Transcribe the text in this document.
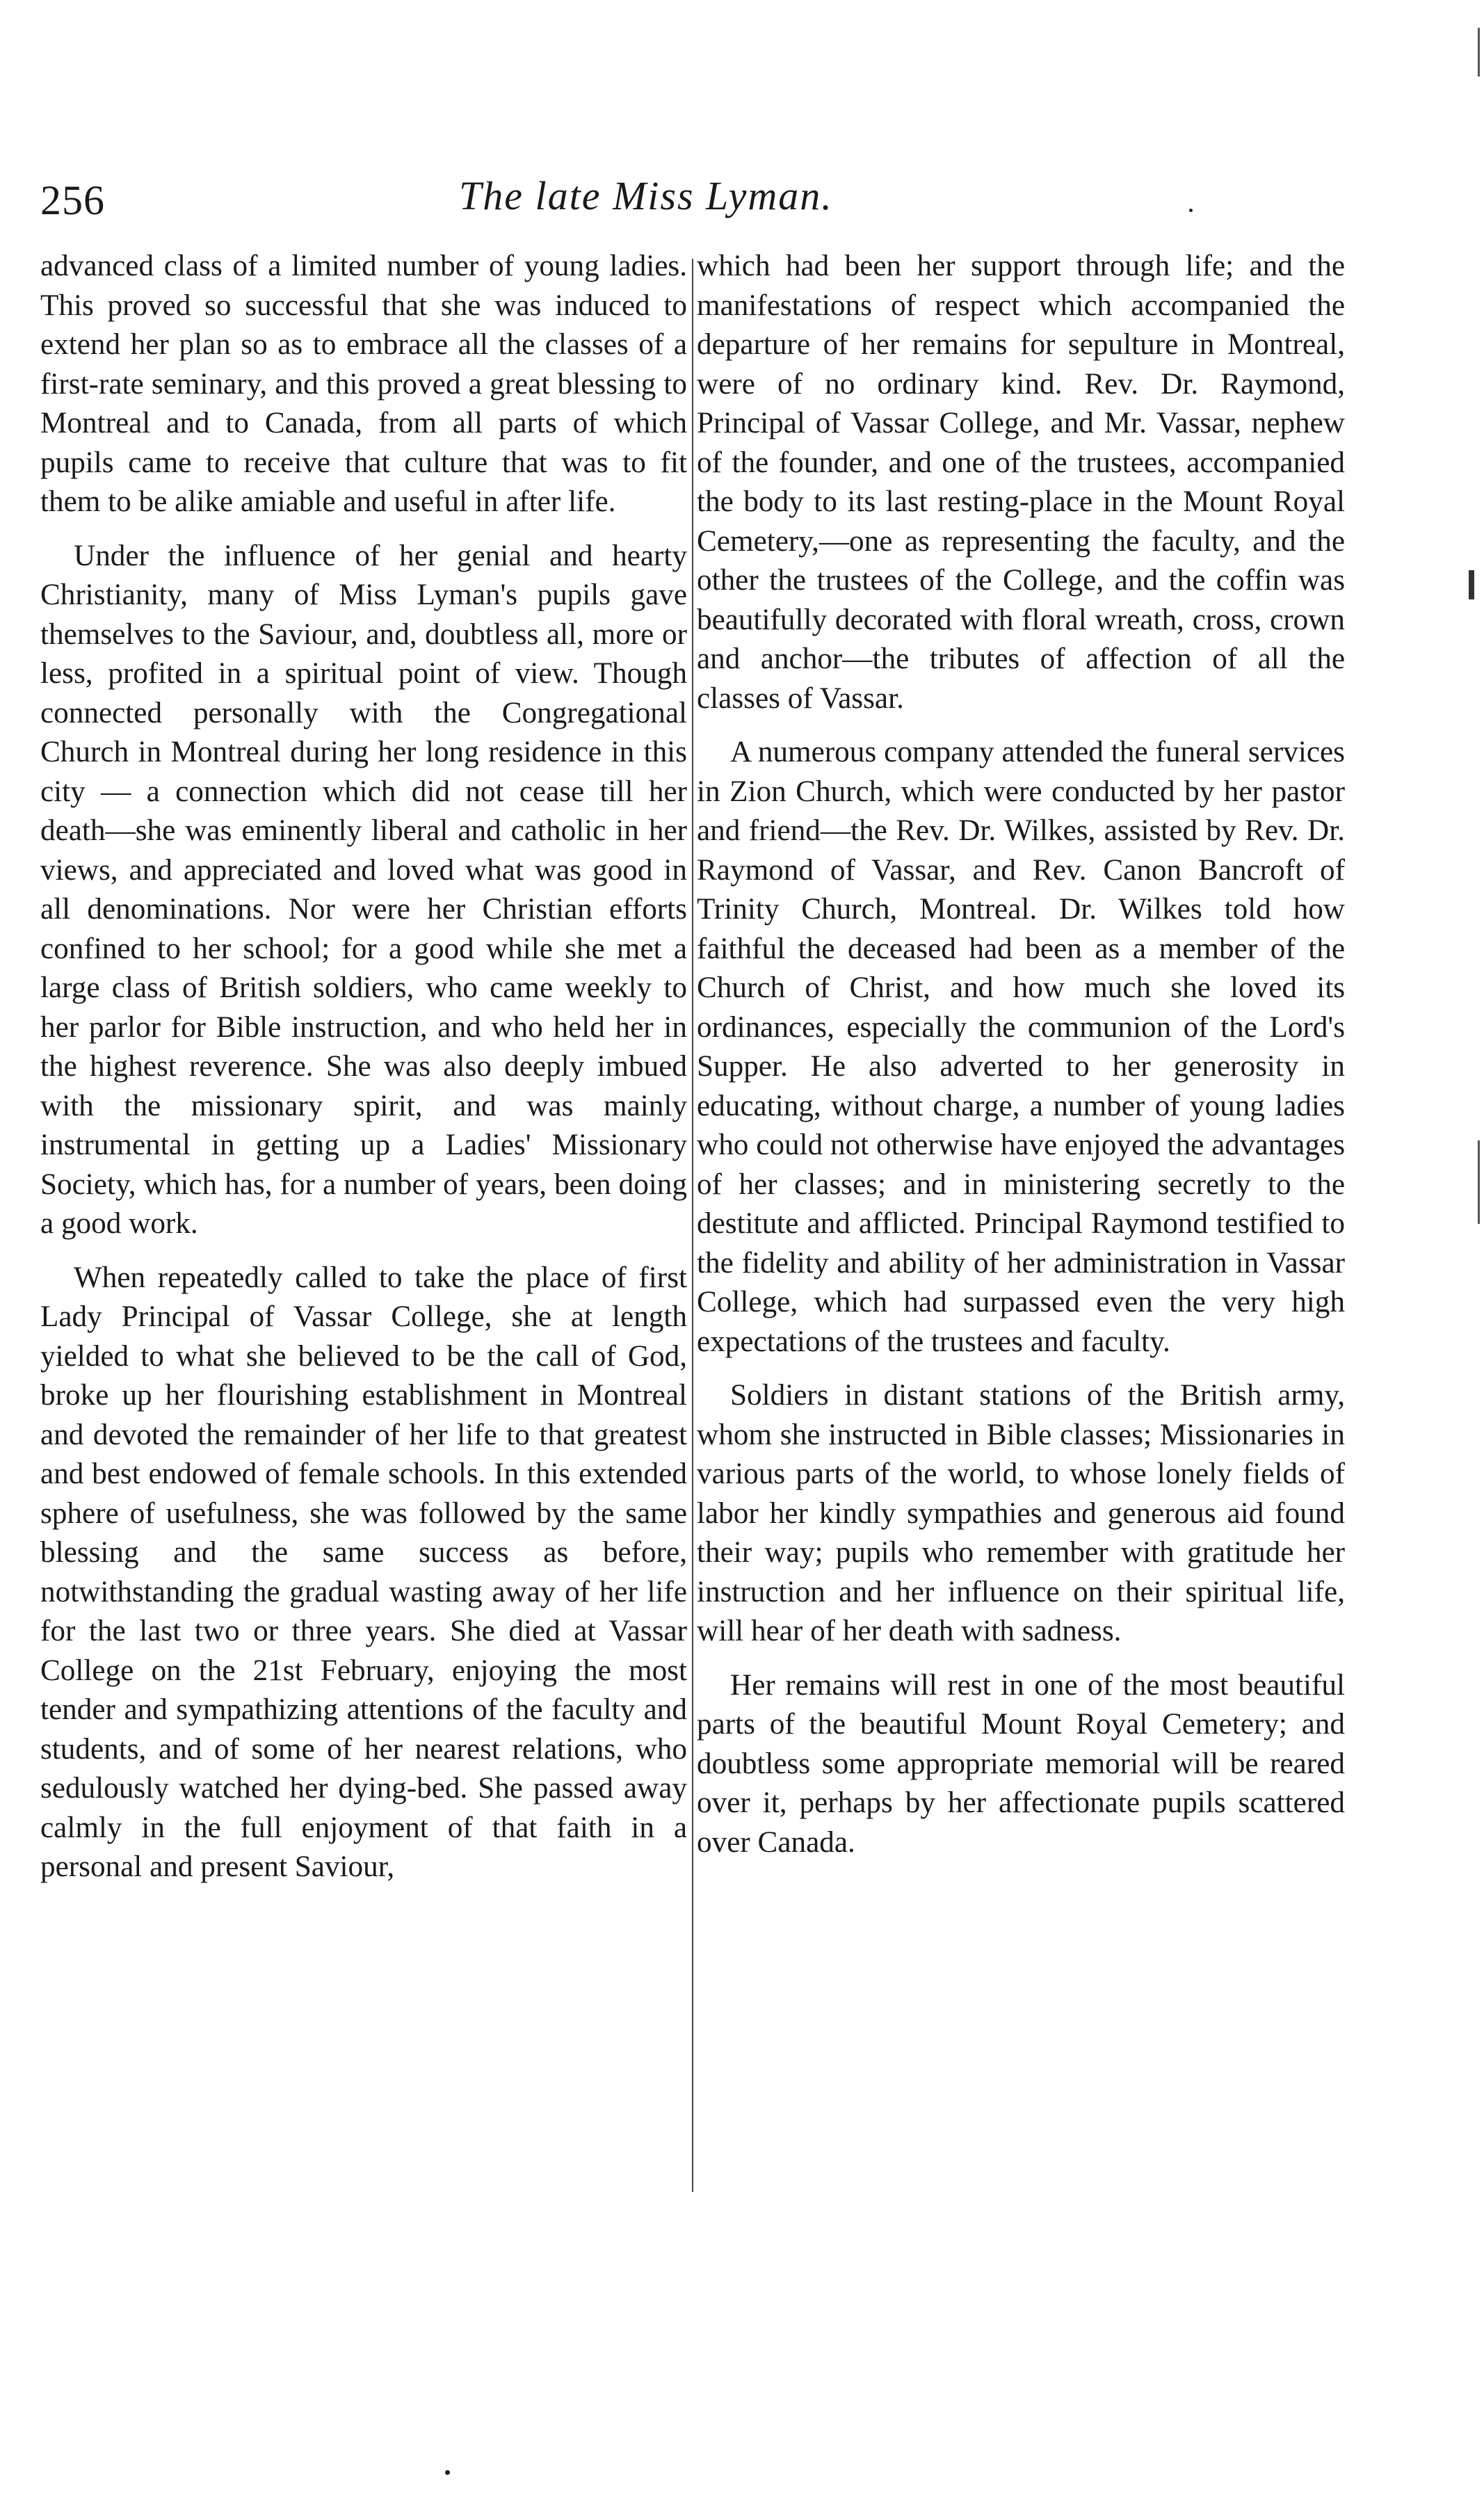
256	The late Miss Lyman.

advanced class of a limited number of young ladies. This proved so successful that she was induced to extend her plan so as to embrace all the classes of a first-rate seminary, and this proved a great blessing to Montreal and to Canada, from all parts of which pupils came to receive that culture that was to fit them to be alike amiable and useful in after life.

Under the influence of her genial and hearty Christianity, many of Miss Lyman's pupils gave themselves to the Saviour, and, doubtless all, more or less, profited in a spiritual point of view. Though connected personally with the Congregational Church in Montreal during her long residence in this city — a connection which did not cease till her death—she was eminently liberal and catholic in her views, and appreciated and loved what was good in all denominations. Nor were her Christian efforts confined to her school; for a good while she met a large class of British soldiers, who came weekly to her parlor for Bible instruction, and who held her in the highest reverence. She was also deeply imbued with the missionary spirit, and was mainly instrumental in getting up a Ladies' Missionary Society, which has, for a number of years, been doing a good work.

When repeatedly called to take the place of first Lady Principal of Vassar College, she at length yielded to what she believed to be the call of God, broke up her flourishing establishment in Montreal and devoted the remainder of her life to that greatest and best endowed of female schools. In this extended sphere of usefulness, she was followed by the same blessing and the same success as before, notwithstanding the gradual wasting away of her life for the last two or three years. She died at Vassar College on the 21st February, enjoying the most tender and sympathizing attentions of the faculty and students, and of some of her nearest relations, who sedulously watched her dying-bed. She passed away calmly in the full enjoyment of that faith in a personal and present Saviour,

which had been her support through life; and the manifestations of respect which accompanied the departure of her remains for sepulture in Montreal, were of no ordinary kind. Rev. Dr. Raymond, Principal of Vassar College, and Mr. Vassar, nephew of the founder, and one of the trustees, accompanied the body to its last resting-place in the Mount Royal Cemetery,—one as representing the faculty, and the other the trustees of the College, and the coffin was beautifully decorated with floral wreath, cross, crown and anchor—the tributes of affection of all the classes of Vassar.

A numerous company attended the funeral services in Zion Church, which were conducted by her pastor and friend—the Rev. Dr. Wilkes, assisted by Rev. Dr. Raymond of Vassar, and Rev. Canon Bancroft of Trinity Church, Montreal. Dr. Wilkes told how faithful the deceased had been as a member of the Church of Christ, and how much she loved its ordinances, especially the communion of the Lord's Supper. He also adverted to her generosity in educating, without charge, a number of young ladies who could not otherwise have enjoyed the advantages of her classes; and in ministering secretly to the destitute and afflicted. Principal Raymond testified to the fidelity and ability of her administration in Vassar College, which had surpassed even the very high expectations of the trustees and faculty.

Soldiers in distant stations of the British army, whom she instructed in Bible classes; Missionaries in various parts of the world, to whose lonely fields of labor her kindly sympathies and generous aid found their way; pupils who remember with gratitude her instruction and her influence on their spiritual life, will hear of her death with sadness.

Her remains will rest in one of the most beautiful parts of the beautiful Mount Royal Cemetery; and doubtless some appropriate memorial will be reared over it, perhaps by her affectionate pupils scattered over Canada.
